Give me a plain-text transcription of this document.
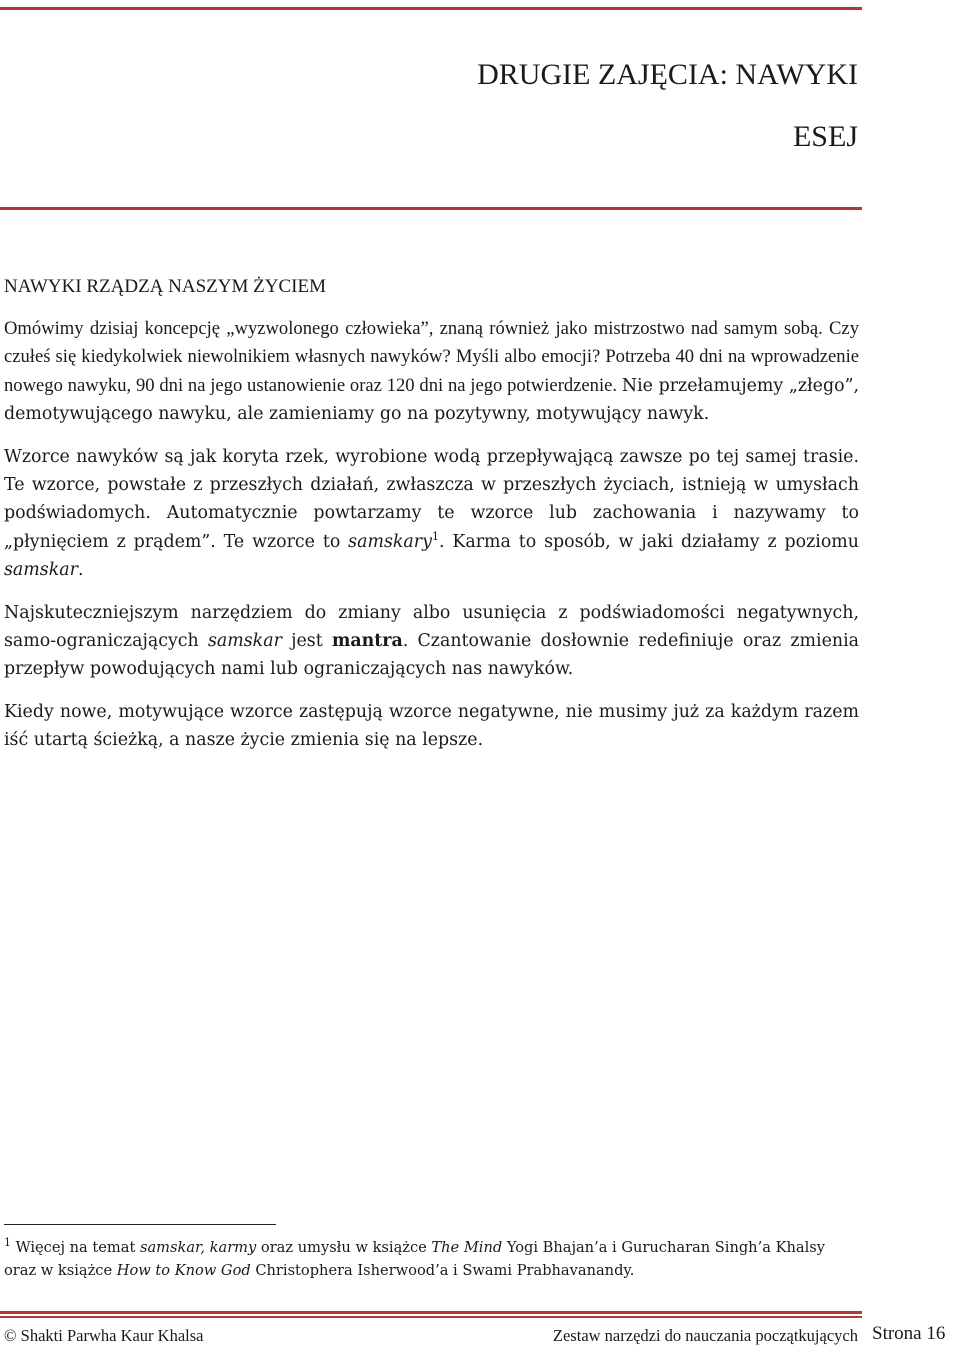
DRUGIE ZAJĘCIA: NAWYKI
ESEJ
NAWYKI RZĄDZĄ NASZYM ŻYCIEM

Omówimy dzisiaj koncepcję „wyzwolonego człowieka”, znaną również jako mistrzostwo nad samym sobą. Czy czułeś się kiedykolwiek niewolnikiem własnych nawyków? Myśli albo emocji? Potrzeba 40 dni na wprowadzenie nowego nawyku, 90 dni na jego ustanowienie oraz 120 dni na jego potwierdzenie. Nie przełamujemy „złego”, demotywującego nawyku, ale zamieniamy go na pozytywny, motywujący nawyk.

Wzorce nawyków są jak koryta rzek, wyrobione wodą przepływającą zawsze po tej samej trasie. Te wzorce, powstałe z przeszłych działań, zwłaszcza w przeszłych życiach, istnieją w umysłach podświadomych. Automatycznie powtarzamy te wzorce lub zachowania i nazywamy to „płynięciem z prądem”. Te wzorce to samskary$^1$. Karma to sposób, w jaki działamy z poziomu samskar.

Najskuteczniejszym narzędziem do zmiany albo usunięcia z podświadomości negatywnych, samo-ograniczających samskar jest mantra. Czantowanie dosłownie redefiniuje oraz zmienia przepływ powodujących nami lub ograniczających nas nawyków.

Kiedy nowe, motywujące wzorce zastępują wzorce negatywne, nie musimy już za każdym razem iść utartą ścieżką, a nasze życie zmienia się na lepsze.

$^1$ Więcej na temat samskar, karmy oraz umysłu w książce The Mind Yogi Bhajan’a i Gurucharan Singh’a Khalsy oraz w książce How to Know God Christophera Isherwood’a i Swami Prabhavanandy.
© Shakti Parwha Kaur Khalsa	Zestaw narzędzi do nauczania początkujących Strona 16
